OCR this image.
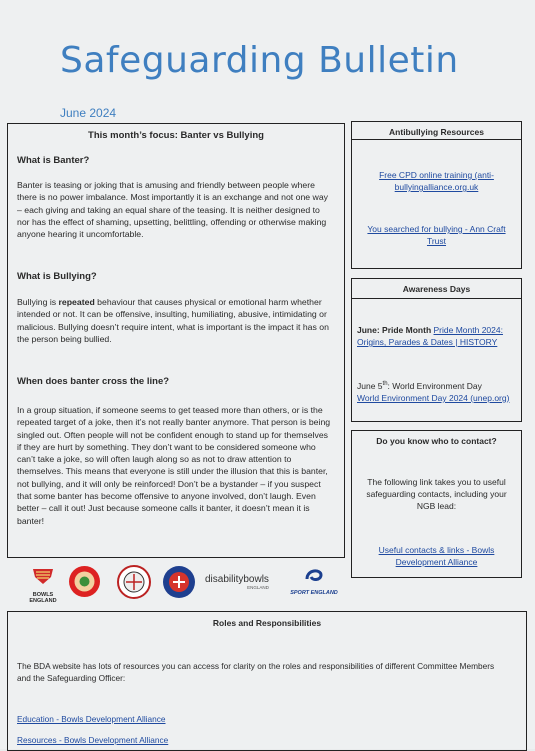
Safeguarding Bulletin
June 2024
This month’s focus: Banter vs Bullying
What is Banter?

Banter is teasing or joking that is amusing and friendly between people where there is no power imbalance. Most importantly it is an exchange and not one way – each giving and taking an equal share of the teasing. It is neither designed to nor has the effect of shaming, upsetting, belittling, offending or otherwise making anyone hearing it uncomfortable.

What is Bullying?

Bullying is repeated behaviour that causes physical or emotional harm whether intended or not. It can be offensive, insulting, humiliating, abusive, intimidating or malicious. Bullying doesn’t require intent, what is important is the impact it has on the person being bullied.

When does banter cross the line?

In a group situation, if someone seems to get teased more than others, or is the repeated target of a joke, then it’s not really banter anymore. That person is being singled out. Often people will not be confident enough to stand up for themselves if they are hurt by something. They don’t want to be considered someone who can’t take a joke, so will often laugh along so as not to draw attention to themselves. This means that everyone is still under the illusion that this is banter, not bullying, and it will only be reinforced! Don’t be a bystander – if you suspect that some banter has become offensive to anyone involved, don’t laugh. Even better – call it out! Just because someone calls it banter, it doesn’t mean it is banter!

Antibullying Resources
Free CPD online training (anti-bullyingalliance.org.uk
You searched for bullying - Ann Craft Trust
Awareness Days
June: Pride Month Pride Month 2024: Origins, Parades & Dates | HISTORY
June 5th: World Environment Day
World Environment Day 2024 (unep.org)
Do you know who to contact?
The following link takes you to useful safeguarding contacts, including your NGB lead:
Useful contacts & links - Bowls Development Alliance
BOWLS ENGLAND
disabilitybowls
ENGLAND
SPORT ENGLAND
Roles and Responsibilities
The BDA website has lots of resources you can access for clarity on the roles and responsibilities of different Committee Members and the Safeguarding Officer:
Education - Bowls Development Alliance
Resources - Bowls Development Alliance
